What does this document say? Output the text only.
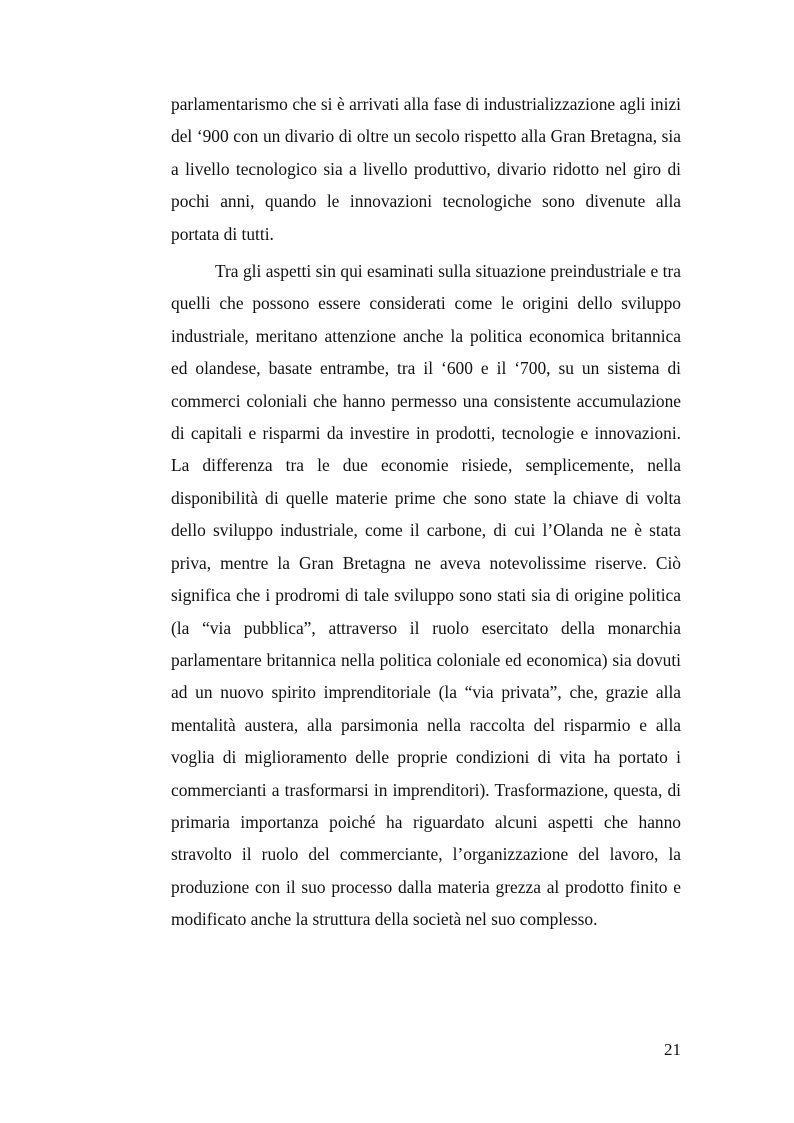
parlamentarismo che si è arrivati alla fase di industrializzazione agli inizi del ‘900 con un divario di oltre un secolo rispetto alla Gran Bretagna, sia a livello tecnologico sia a livello produttivo, divario ridotto nel giro di pochi anni, quando le innovazioni tecnologiche sono divenute alla portata di tutti.

Tra gli aspetti sin qui esaminati sulla situazione preindustriale e tra quelli che possono essere considerati come le origini dello sviluppo industriale, meritano attenzione anche la politica economica britannica ed olandese, basate entrambe, tra il ‘600 e il ‘700, su un sistema di commerci coloniali che hanno permesso una consistente accumulazione di capitali e risparmi da investire in prodotti, tecnologie e innovazioni. La differenza tra le due economie risiede, semplicemente, nella disponibilità di quelle materie prime che sono state la chiave di volta dello sviluppo industriale, come il carbone, di cui l’Olanda ne è stata priva, mentre la Gran Bretagna ne aveva notevolissime riserve. Ciò significa che i prodromi di tale sviluppo sono stati sia di origine politica (la “via pubblica”, attraverso il ruolo esercitato della monarchia parlamentare britannica nella politica coloniale ed economica) sia dovuti ad un nuovo spirito imprenditoriale (la “via privata”, che, grazie alla mentalità austera, alla parsimonia nella raccolta del risparmio e alla voglia di miglioramento delle proprie condizioni di vita ha portato i commercianti a trasformarsi in imprenditori). Trasformazione, questa, di primaria importanza poiché ha riguardato alcuni aspetti che hanno stravolto il ruolo del commerciante, l’organizzazione del lavoro, la produzione con il suo processo dalla materia grezza al prodotto finito e modificato anche la struttura della società nel suo complesso.

21
